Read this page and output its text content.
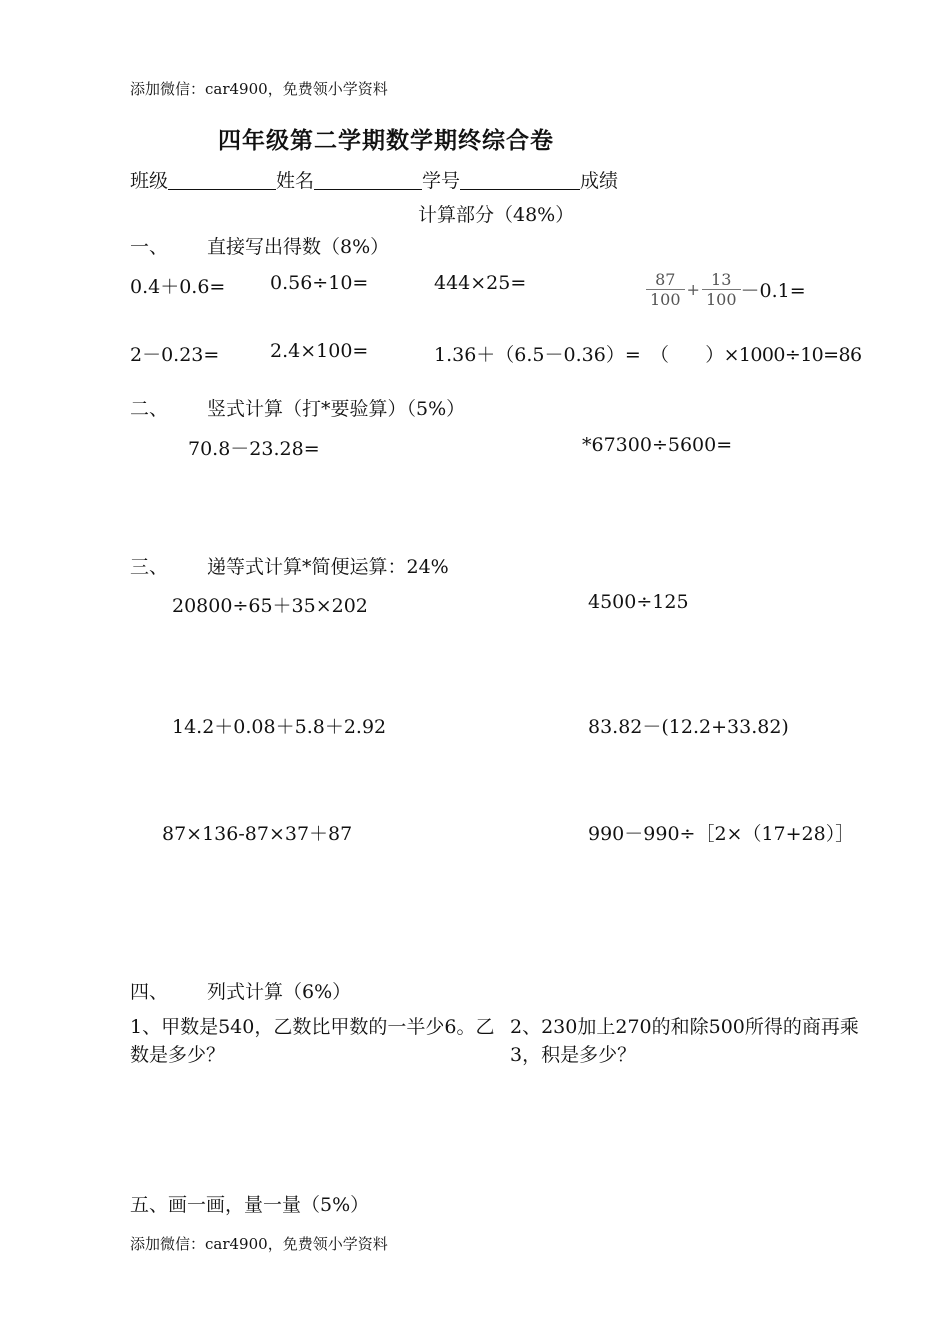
添加微信：car4900，免费领小学资料
四年级第二学期数学期终综合卷
班级	姓名	学号	成绩
计算部分（48%）
一、 直接写出得数（8%）
0.4＋0.6= 0.56÷10=	444×25=	$\frac{87}{100} + \frac{13}{100} -0.1=$
2－0.23=	2.4×100=	1.36＋（6.5－0.36）= （　　）×1000÷10=86
二、 竖式计算（打*要验算）（5%）
70.8－23.28=	*67300÷5600=
三、 递等式计算*简便运算：24%
20800÷65＋35×202	4500÷125
14.2＋0.08＋5.8＋2.92	83.82－(12.2+33.82)
87×136-87×37＋87	990－990÷［2×（17+28）］
四、 列式计算（6%）
1、甲数是540，乙数比甲数的一半少6。乙数是多少？
2、230加上270的和除500所得的商再乘3，积是多少？
五、画一画，量一量（5%）
添加微信：car4900，免费领小学资料
